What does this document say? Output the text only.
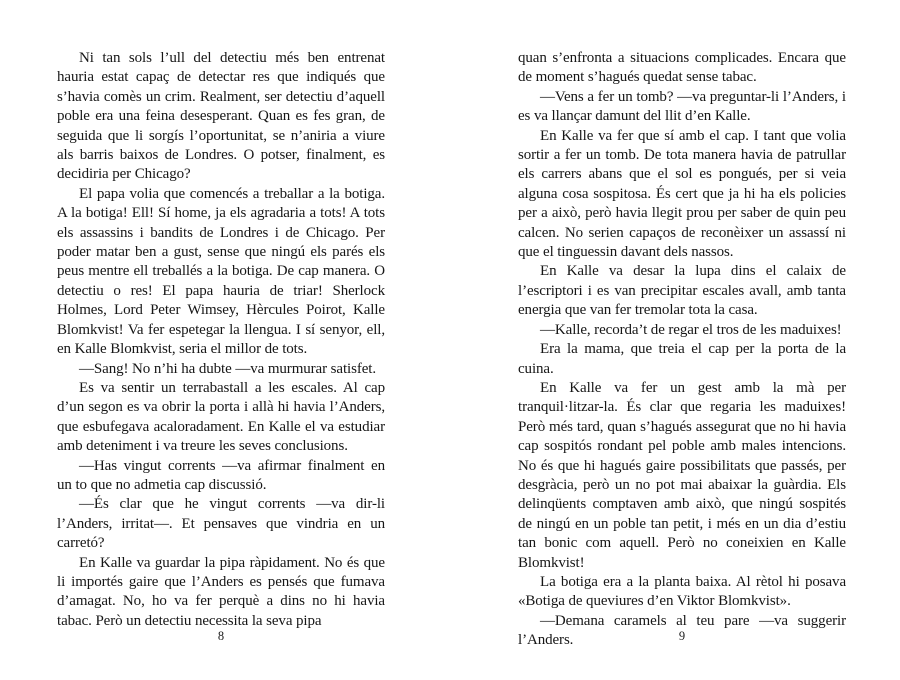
Ni tan sols l’ull del detectiu més ben entrenat hauria estat capaç de detectar res que indiqués que s’havia comès un crim. Realment, ser detectiu d’aquell poble era una feina desesperant. Quan es fes gran, de seguida que li sorgís l’oportunitat, se n’aniria a viure als barris baixos de Londres. O potser, finalment, es decidiria per Chicago?

El papa volia que comencés a treballar a la botiga. A la botiga! Ell! Sí home, ja els agradaria a tots! A tots els assassins i bandits de Londres i de Chicago. Per poder matar ben a gust, sense que ningú els parés els peus mentre ell treballés a la botiga. De cap manera. O detectiu o res! El papa hauria de triar! Sherlock Holmes, Lord Peter Wimsey, Hèrcules Poirot, Kalle Blomkvist! Va fer espetegar la llengua. I sí senyor, ell, en Kalle Blomkvist, seria el millor de tots.

—Sang! No n’hi ha dubte —va murmurar satisfet.

Es va sentir un terrabastall a les escales. Al cap d’un segon es va obrir la porta i allà hi havia l’Anders, que esbufegava acaloradament. En Kalle el va estudiar amb deteniment i va treure les seves conclusions.

—Has vingut corrents —va afirmar finalment en un to que no admetia cap discussió.

—És clar que he vingut corrents —va dir-li l’Anders, irritat—. Et pensaves que vindria en un carretó?

En Kalle va guardar la pipa ràpidament. No és que li importés gaire que l’Anders es pensés que fumava d’amagat. No, ho va fer perquè a dins no hi havia tabac. Però un detectiu necessita la seva pipa

8

quan s’enfronta a situacions complicades. Encara que de moment s’hagués quedat sense tabac.

—Vens a fer un tomb? —va preguntar-li l’Anders, i es va llançar damunt del llit d’en Kalle.

En Kalle va fer que sí amb el cap. I tant que volia sortir a fer un tomb. De tota manera havia de patrullar els carrers abans que el sol es pongués, per si veia alguna cosa sospitosa. És cert que ja hi ha els policies per a això, però havia llegit prou per saber de quin peu calcen. No serien capaços de reconèixer un assassí ni que el tinguessin davant dels nassos.

En Kalle va desar la lupa dins el calaix de l’escriptori i es van precipitar escales avall, amb tanta energia que van fer tremolar tota la casa.

—Kalle, recorda’t de regar el tros de les maduixes!

Era la mama, que treia el cap per la porta de la cuina.

En Kalle va fer un gest amb la mà per tranquil·litzar-la. És clar que regaria les maduixes! Però més tard, quan s’hagués assegurat que no hi havia cap sospitós rondant pel poble amb males intencions. No és que hi hagués gaire possibilitats que passés, per desgràcia, però un no pot mai abaixar la guàrdia. Els delinqüents comptaven amb això, que ningú sospités de ningú en un poble tan petit, i més en un dia d’estiu tan bonic com aquell. Però no coneixien en Kalle Blomkvist!

La botiga era a la planta baixa. Al rètol hi posava «Botiga de queviures d’en Viktor Blomkvist».

—Demana caramels al teu pare —va suggerir l’Anders.	9
